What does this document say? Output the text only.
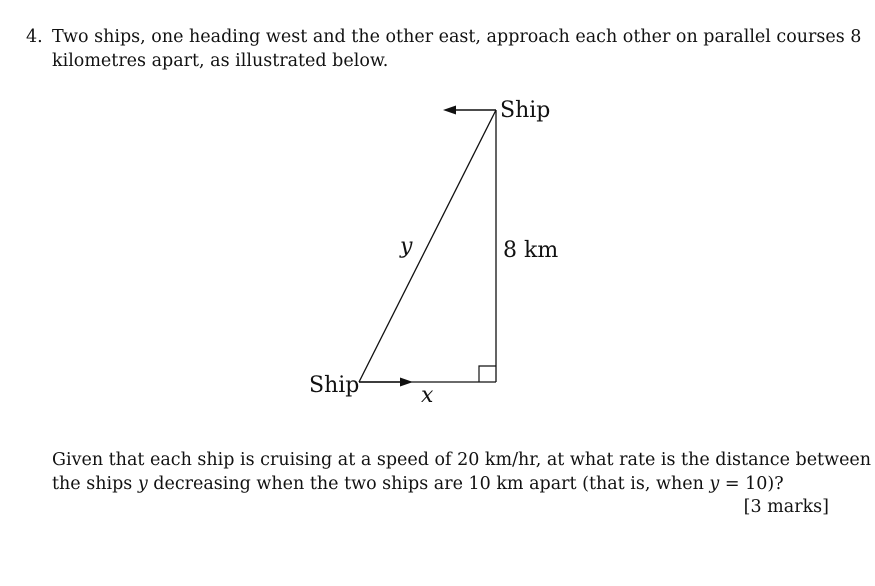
4. Two ships, one heading west and the other east, approach each other on parallel courses 8
kilometres apart, as illustrated below.
Ship
Ship
y	8 km
x
Given that each ship is cruising at a speed of 20 km/hr, at what rate is the distance between
the ships y decreasing when the two ships are 10 km apart (that is, when y = 10)?
[3 marks]
